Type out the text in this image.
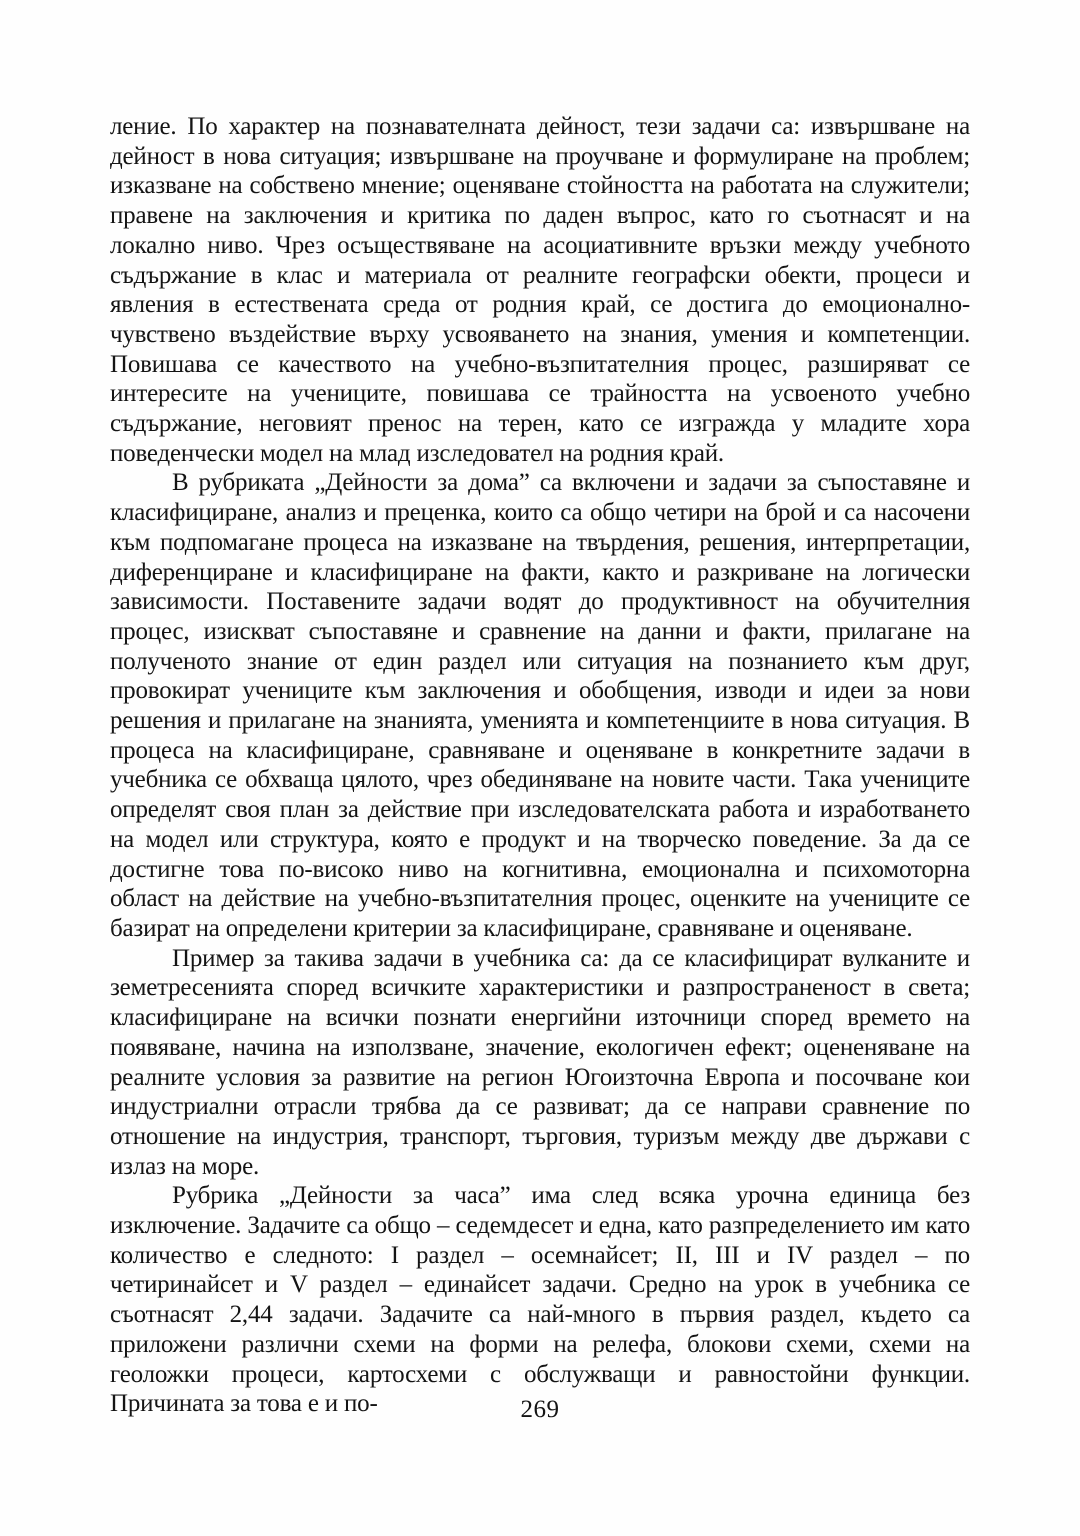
ление. По характер на познавателната дейност, тези задачи са: извършване на дейност в нова ситуация; извършване на проучване и формулиране на проблем; изказване на собствено мнение; оценяване стойността на работата на служители; правене на заключения и критика по даден въпрос, като го съотнасят и на локално ниво. Чрез осъществяване на асоциативните връзки между учебното съдържание в клас и материала от реалните географски обекти, процеси и явления в естествената среда от родния край, се достига до емоционално-чувствено въздействие върху усвояването на знания, умения и компетенции. Повишава се качеството на учебно-възпитателния процес, разширяват се интересите на учениците, повишава се трайността на усвоеното учебно съдържание, неговият пренос на терен, като се изгражда у младите хора поведенчески модел на млад изследовател на родния край.

В рубриката „Дейности за дома” са включени и задачи за съпоставяне и класифициране, анализ и преценка, които са общо четири на брой и са насочени към подпомагане процеса на изказване на твърдения, решения, интерпретации, диференциране и класифициране на факти, както и разкриване на логически зависимости. Поставените задачи водят до продуктивност на обучителния процес, изискват съпоставяне и сравнение на данни и факти, прилагане на полученото знание от един раздел или ситуация на познанието към друг, провокират учениците към заключения и обобщения, изводи и идеи за нови решения и прилагане на знанията, уменията и компетенциите в нова ситуация. В процеса на класифициране, сравняване и оценяване в конкретните задачи в учебника се обхваща цялото, чрез обединяване на новите части. Така учениците определят своя план за действие при изследователската работа и изработването на модел или структура, която е продукт и на творческо поведение. За да се достигне това по-високо ниво на когнитивна, емоционална и психомоторна област на действие на учебно-възпитателния процес, оценките на учениците се базират на определени критерии за класифициране, сравняване и оценяване.

Пример за такива задачи в учебника са: да се класифицират вулканите и земетресенията според всичките характеристики и разпространеност в света; класифициране на всички познати енергийни източници според времето на появяване, начина на използване, значение, екологичен ефект; оцененяване на реалните условия за развитие на регион Югоизточна Европа и посочване кои индустриални отрасли трябва да се развиват; да се направи сравнение по отношение на индустрия, транспорт, търговия, туризъм между две държави с излаз на море.

Рубрика „Дейности за часа” има след всяка урочна единица без изключение. Задачите са общо – седемдесет и една, като разпределението им като количество е следното: I раздел – осемнайсет; II, III и IV раздел – по четиринайсет и V раздел – единайсет задачи. Средно на урок в учебника се съотнасят 2,44 задачи. Задачите са най-много в първия раздел, където са приложени различни схеми на форми на релефа, блокови схеми, схеми на геоложки процеси, картосхеми с обслужващи и равностойни функции. Причината за това е и по-	269
